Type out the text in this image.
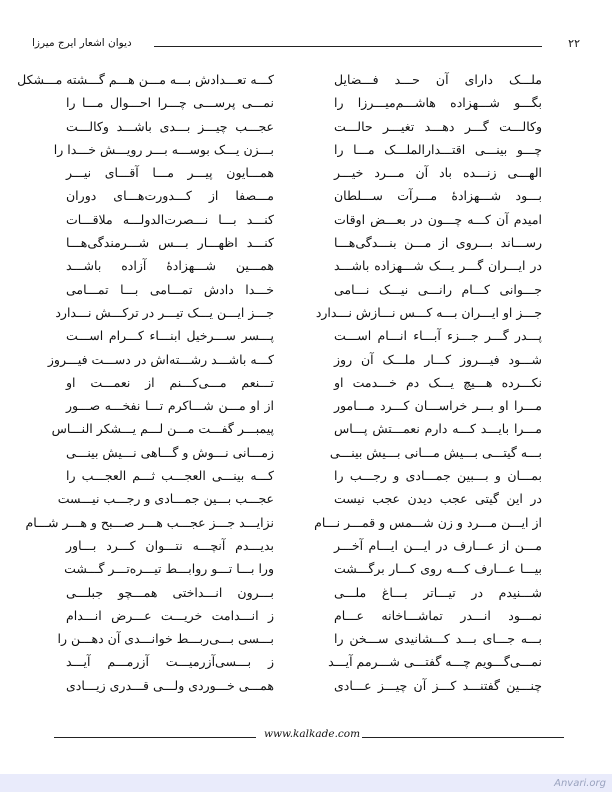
دیوان اشعار ایرج میرزا	۲۲
ملـــک دارای آن حـــد فـــضایل
بگـــو شـــهزاده هاشـــم‌میـــرزا را
وکالـــت گـــر دهـــد تغیـــر حالـــت
چـــو بینـــی اقتـــدارالملـــک مـــا را
الهـــی زنـــده باد آن مـــرد خیـــر
بـــود شـــهزادهٔ مـــرآت ســـلطان
امیدم آن کـــه چـــون در بعـــض اوقات
رســـاند بـــروی از مـــن بنـــدگی‌هـــا
در ایـــران گـــر یـــک شـــهزاده باشـــد
جـــوانی کـــام رانـــی نیـــک نـــامی
جـــز او ایـــران بـــه کـــس نـــازش نـــدارد
پـــدر گـــر جـــزء آبـــاء انـــام اســـت
شـــود فیـــروز کـــار ملـــک آن روز
نکـــرده هـــیچ یـــک دم خـــدمت او
مـــرا او بـــر خراســـان کـــرد مـــامور
مـــرا بایـــد کـــه دارم نعمـــتش پـــاس
بـــه گیتـــی بـــیش مـــانی بـــیش بینـــی
بمـــان و بـــبین جمـــادی و رجـــب را
در این گیتی عجب دیدن عجب نیست
از ایـــن مـــرد و زن شـــمس و قمـــر نـــام
مـــن از عـــارف در ایـــن ایـــام آخـــر
بیـــا عـــارف کـــه روی کـــار برگـــشت
شـــنیدم در تیـــاتر بـــاغ ملـــی
نمـــود انـــدر تماشـــاخانه عـــام
بـــه جـــای بـــد کـــشانیدی ســـخن را
نمـــی‌گـــویم چـــه گفتـــی شـــرمم آیـــد
چنـــین گفتنـــد کـــز آن چیـــز عـــادی
کـــه تعـــدادش بـــه مـــن هـــم گـــشته مـــشکل
نمـــی پرســـی چـــرا احـــوال مـــا را
عجـــب چیـــز بـــدی باشـــد وکالـــت
بـــزن یـــک بوســـه بـــر رویـــش خـــدا را
همـــایون پیـــر مـــا آقـــای نیـــر
مـــصفا از کـــدورت‌هـــای دوران
کنـــد بـــا نـــصرت‌الدولـــه ملاقـــات
کنـــد اظهـــار بـــس شـــرمندگی‌هـــا
همـــین شـــهزادهٔ آزاده باشـــد
خـــدا دادش تمـــامی بـــا تمـــامی
جـــز ایـــن یـــک تیـــر در ترکـــش نـــدارد
پـــسر ســـرخیل ابنـــاء کـــرام اســـت
کـــه باشـــد رشـــته‌اش در دســـت فیـــروز
تـــنعم مـــی‌کـــنم از نعمـــت او
از او مـــن شـــاکرم تـــا نفخـــه صـــور
پیمبـــر گفـــت مـــن لـــم یـــشکر النـــاس
زمـــانی نـــوش و گـــاهی نـــیش بینـــی
کـــه بینـــی العجـــب ثـــم العجـــب را
عجـــب بـــین جمـــادی و رجـــب نیـــست
نزایـــد جـــز عجـــب هـــر صـــبح و هـــر شـــام
بدیـــدم آنچـــه نتـــوان کـــرد بـــاور
ورا بـــا تـــو روابـــط تیـــره‌تـــر گـــشت
بـــرون انـــداختی همـــچو ‌جبلـــی
ز انـــدامت خریـــت عـــرض انـــدام
بـــسی بـــی‌ربـــط خوانـــدی آن دهـــن را
ز بـــسی‌آزرمیـــت آزرمـــم آیـــد
همـــی خـــوردی ولـــی قـــدری زیـــادی
www.kalkade.com
Anvari.org
